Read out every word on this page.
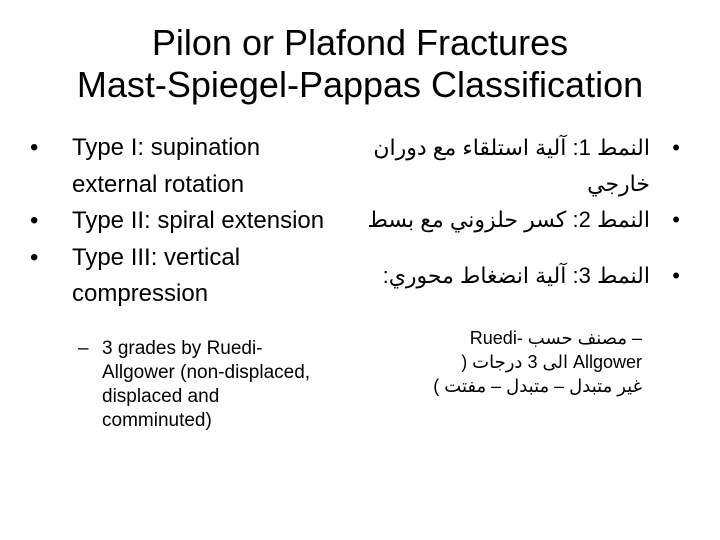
Pilon or Plafond Fractures
Mast-Spiegel-Pappas Classification
• Type I: supination external rotation
• Type II: spiral extension
• Type III: vertical compression
– 3 grades by Ruedi-Allgower (non-displaced, displaced and comminuted)
•
النمط 1: آلية استلقاء مع دوران خارجي
•
النمط 2: كسر حلزوني مع بسط
•
النمط 3: آلية انضغاط محوري:
– مصنف حسب -Ruedi
Allgower الى 3 درجات (
غير متبدل – متبدل – مفتت )
